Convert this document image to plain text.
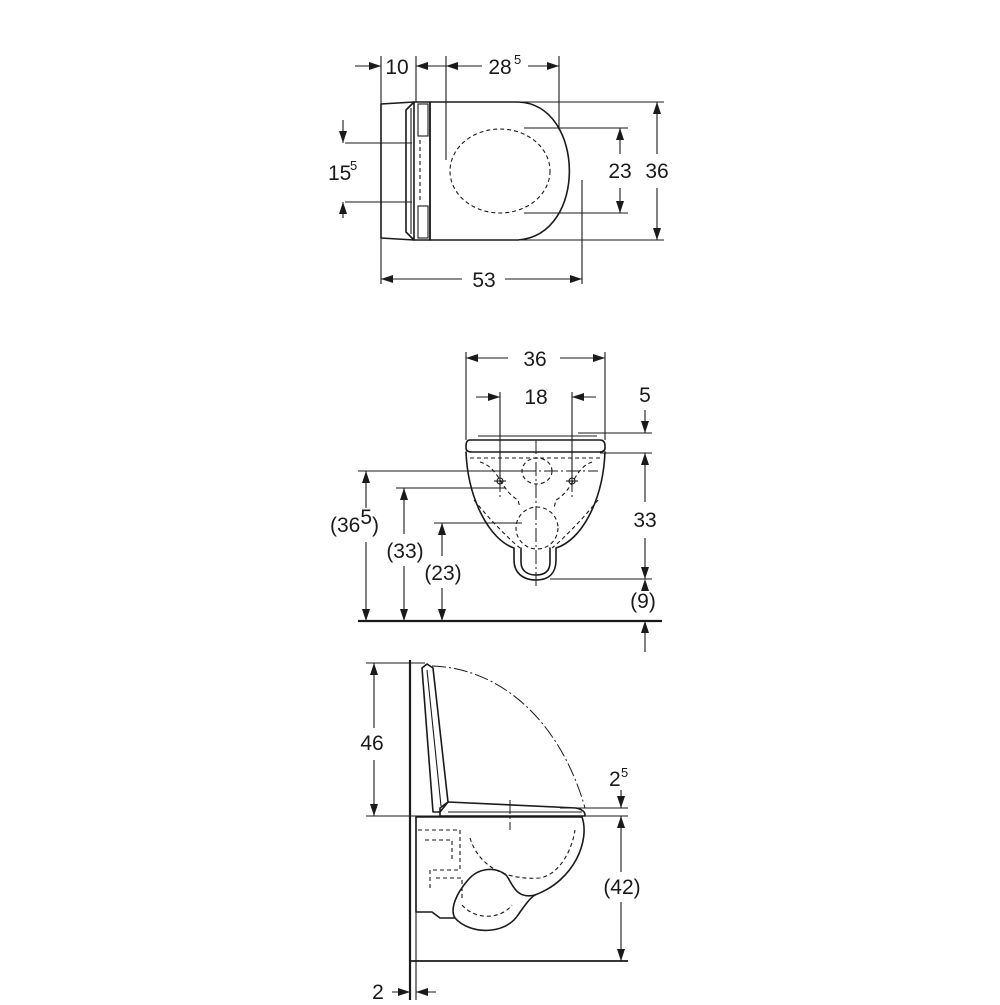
10	28 5
15
5	23 36
53
36
18	5
33
(9)
(365)
(33)
(23)
46
2 5
(42)
2
